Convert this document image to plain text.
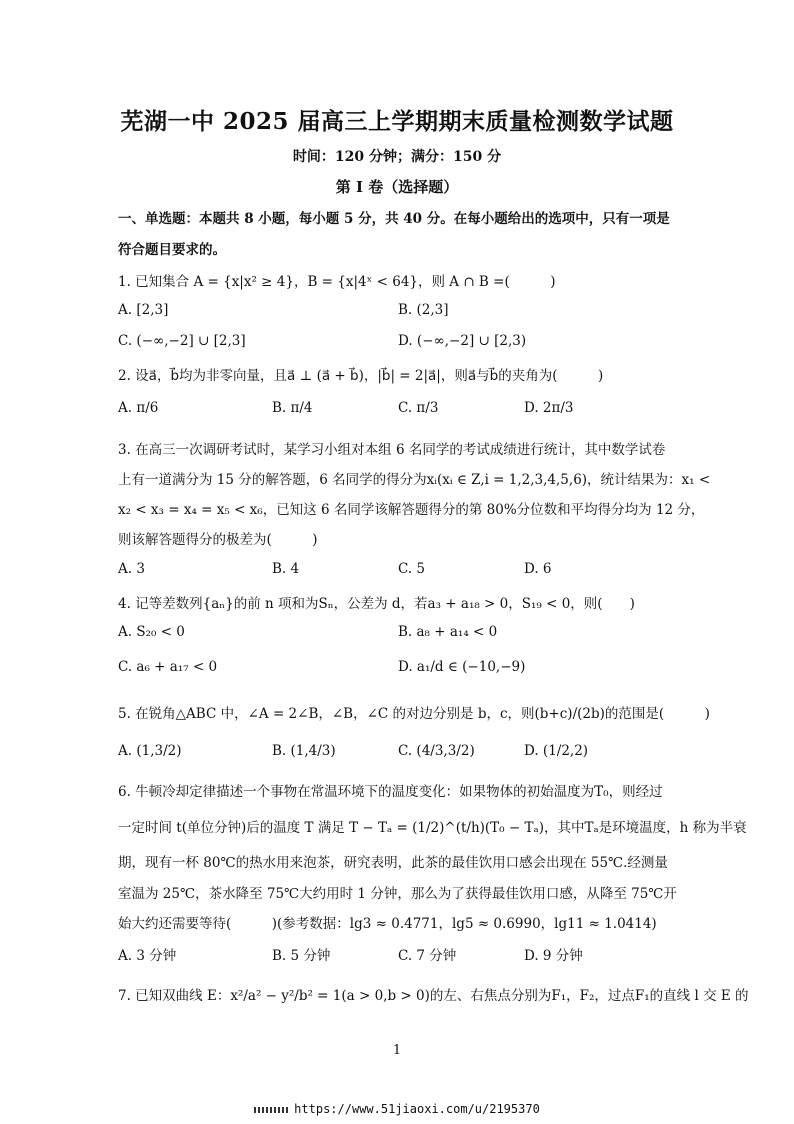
芜湖一中 2025 届高三上学期期末质量检测数学试题
时间：120 分钟；满分：150 分
第 I 卷（选择题）
一、单选题：本题共 8 小题，每小题 5 分，共 40 分。在每小题给出的选项中，只有一项是
符合题目要求的。
1. 已知集合 A = {x|x² ≥ 4}，B = {x|4ˣ < 64}，则 A ∩ B =(　　　)
A. [2,3]	B. (2,3]
C. (−∞,−2] ∪ [2,3]	D. (−∞,−2] ∪ [2,3)
2. 设a⃗，b⃗均为非零向量，且a⃗ ⊥ (a⃗ + b⃗)，|b⃗| = 2|a⃗|，则a⃗与b⃗的夹角为(　　　)
A. π/6	B. π/4	C. π/3	D. 2π/3
3. 在高三一次调研考试时，某学习小组对本组 6 名同学的考试成绩进行统计，其中数学试卷
上有一道满分为 15 分的解答题，6 名同学的得分为xᵢ(xᵢ ∈ Z,i = 1,2,3,4,5,6)，统计结果为：x₁ <
x₂ < x₃ = x₄ = x₅ < x₆，已知这 6 名同学该解答题得分的第 80%分位数和平均得分均为 12 分，
则该解答题得分的极差为(　　　)
A. 3	B. 4	C. 5	D. 6
4. 记等差数列{aₙ}的前 n 项和为Sₙ，公差为 d，若a₃ + a₁₈ > 0，S₁₉ < 0，则(　　)
A. S₂₀ < 0	B. a₈ + a₁₄ < 0
C. a₆ + a₁₇ < 0	D. a₁/d ∈ (−10,−9)
5. 在锐角△ABC 中，∠A = 2∠B，∠B，∠C 的对边分别是 b，c，则(b+c)/(2b)的范围是(　　　)
A. (1,3/2)	B. (1,4/3)	C. (4/3,3/2)	D. (1/2,2)
6. 牛顿冷却定律描述一个事物在常温环境下的温度变化：如果物体的初始温度为T₀，则经过
一定时间 t(单位分钟)后的温度 T 满足 T − Tₐ = (1/2)^(t/h)(T₀ − Tₐ)，其中Tₐ是环境温度，h 称为半衰
期，现有一杯 80℃的热水用来泡茶，研究表明，此茶的最佳饮用口感会出现在 55℃.经测量
室温为 25℃，茶水降至 75℃大约用时 1 分钟，那么为了获得最佳饮用口感，从降至 75℃开
始大约还需要等待(　　　)(参考数据：lg3 ≈ 0.4771，lg5 ≈ 0.6990，lg11 ≈ 1.0414)
A. 3 分钟	B. 5 分钟	C. 7 分钟	D. 9 分钟
7. 已知双曲线 E：x²/a² − y²/b² = 1(a > 0,b > 0)的左、右焦点分别为F₁，F₂，过点F₁的直线 l 交 E 的
1
https://www.51jiaoxi.com/u/2195370
